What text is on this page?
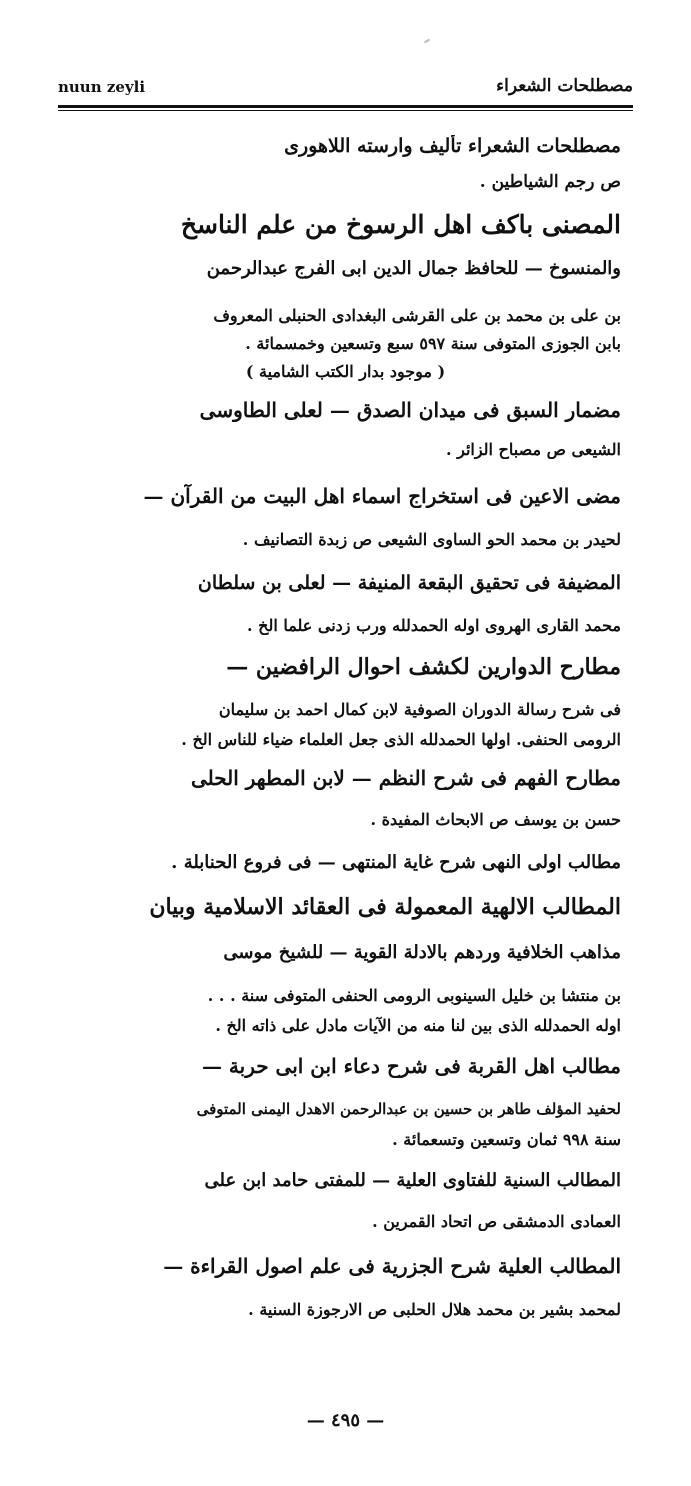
nuun zeyli	مصطلحات الشعراء
مصطلحات الشعراء تأليف وارسته اللاهورى
ص رجم الشياطين .
المصنى باكف اهل الرسوخ من علم الناسخ
والمنسوخ — للحافظ جمال الدين ابى الفرج عبدالرحمن
بن على بن محمد بن على القرشى البغدادى الحنبلى المعروف
بابن الجوزى المتوفى سنة ٥٩٧ سبع وتسعين وخمسمائة .
( موجود بدار الكتب الشامية )
مضمار السبق فى ميدان الصدق — لعلى الطاوسى
الشيعى ص مصباح الزائر .
مضى الاعين فى استخراج اسماء اهل البيت من القرآن —
لحيدر بن محمد الحو الساوى الشيعى ص زبدة التصانيف .
المضيفة فى تحقيق البقعة المنيفة — لعلى بن سلطان
محمد القارى الهروى اوله الحمدلله ورب زدنى علما الخ .
مطارح الدوارين لكشف احوال الرافضين —
فى شرح رسالة الدوران الصوفية لابن كمال احمد بن سليمان
الرومى الحنفى. اولها الحمدلله الذى جعل العلماء ضياء للناس الخ .
مطارح الفهم فى شرح النظم — لابن المطهر الحلى
حسن بن يوسف ص الابحاث المفيدة .
مطالب اولى النهى شرح غاية المنتهى — فى فروع الحنابلة .
المطالب الالهية المعمولة فى العقائد الاسلامية وبيان
مذاهب الخلافية وردهم بالادلة القوية — للشيخ موسى
بن منتشا بن خليل السينوبى الرومى الحنفى المتوفى سنة . . .
اوله الحمدلله الذى بين لنا منه من الآيات مادل على ذاته الخ .
مطالب اهل القربة فى شرح دعاء ابن ابى حربة —
لحفيد المؤلف طاهر بن حسين بن عبدالرحمن الاهدل اليمنى المتوفى
سنة ٩٩٨ ثمان وتسعين وتسعمائة .
المطالب السنية للفتاوى العلية — للمفتى حامد ابن على
العمادى الدمشقى ص اتحاد القمرين .
المطالب العلية شرح الجزرية فى علم اصول القراءة —
لمحمد بشير بن محمد هلال الحلبى ص الارجوزة السنية .
— ٤٩٥ —
